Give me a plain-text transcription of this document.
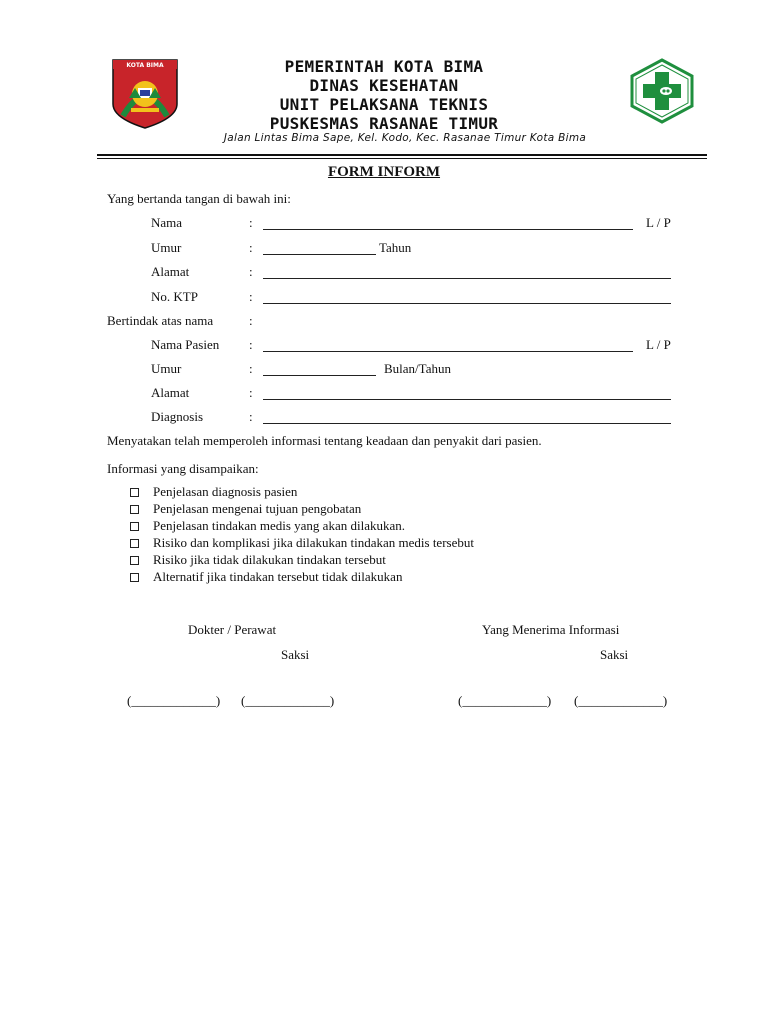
KOTA BIMA	PEMERINTAH KOTA BIMA
DINAS KESEHATAN
UNIT PELAKSANA TEKNIS
PUSKESMAS RASANAE TIMUR
Jalan Lintas Bima Sape, Kel. Kodo, Kec. Rasanae Timur Kota Bima
FORM INFORM
Yang bertanda tangan di bawah ini:
Nama	:	L / P
Umur	:	Tahun
Alamat	:
No. KTP	:
Bertindak atas nama	:
Nama Pasien :	L / P
Umur	:	Bulan/Tahun
Alamat	:
Diagnosis	:
Menyatakan telah memperoleh informasi tentang keadaan dan penyakit dari pasien.
Informasi yang disampaikan:
Penjelasan diagnosis pasien
Penjelasan mengenai tujuan pengobatan
Penjelasan tindakan medis yang akan dilakukan.
Risiko dan komplikasi jika dilakukan tindakan medis tersebut
Risiko jika tidak dilakukan tindakan tersebut
Alternatif jika tindakan tersebut tidak dilakukan
Dokter / Perawat	Yang Menerima Informasi
Saksi	Saksi
(_____________) (_____________)	(_____________) (_____________)
